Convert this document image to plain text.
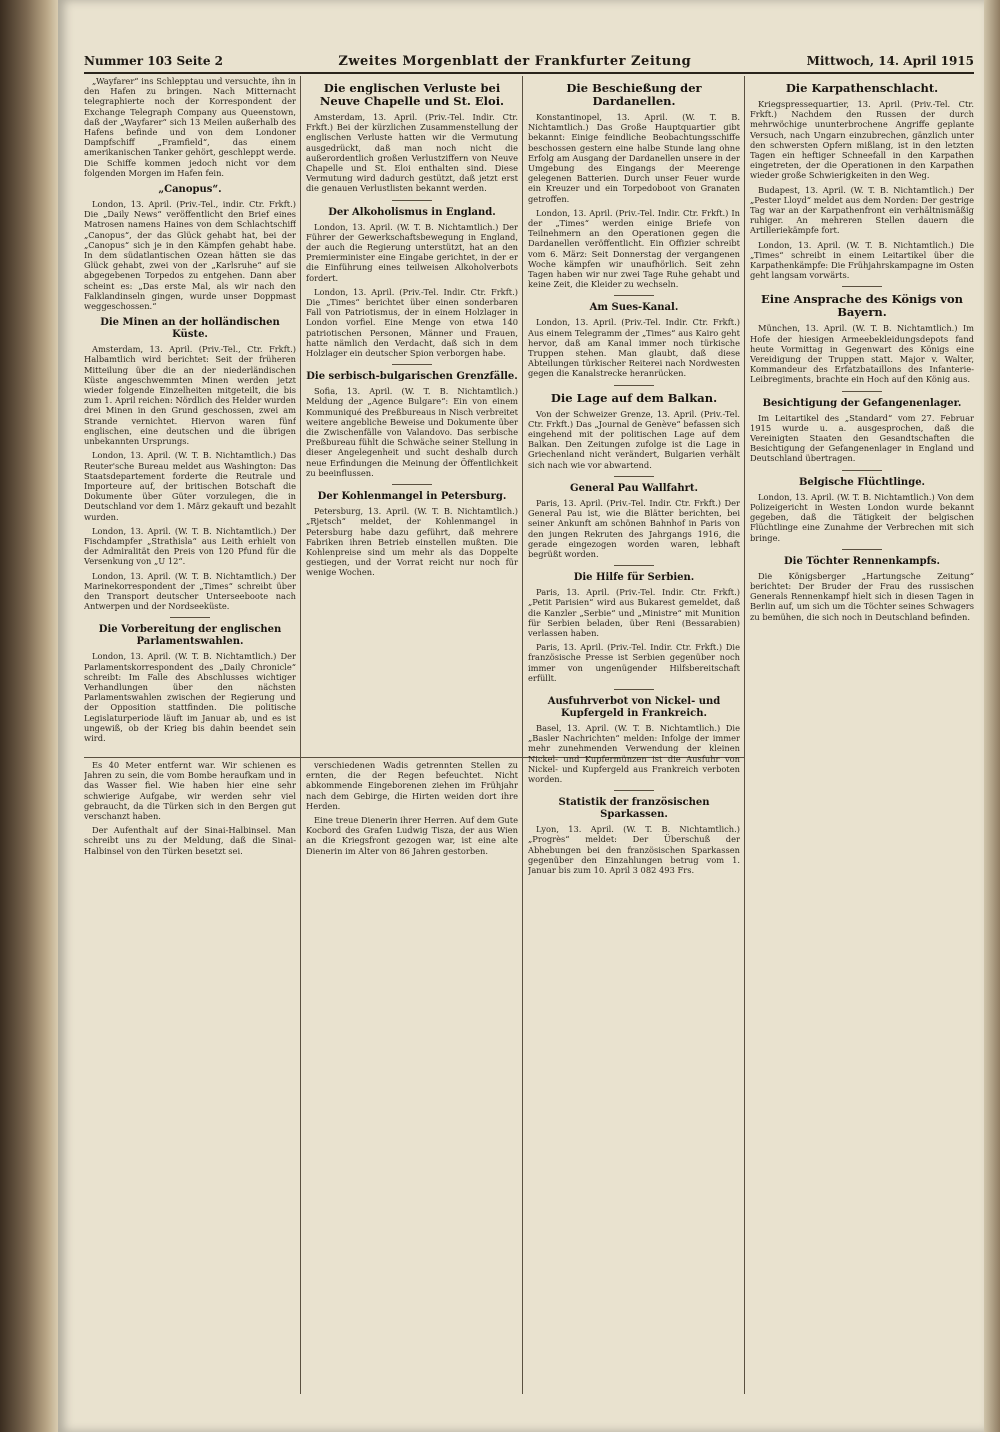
Nummer 103 Seite 2	Zweites Morgenblatt der Frankfurter Zeitung	Mittwoch, 14. April 1915

„Wayfarer“ ins Schlepptau und versuchte, ihn in den Hafen zu bringen. Nach Mitternacht telegraphierte noch der Korrespondent der Exchange Telegraph Company aus Queenstown, daß der „Wayfarer“ sich 13 Meilen außerhalb des Hafens befinde und von dem Londoner Dampfschiff „Framfield“, das einem amerikanischen Tanker gehört, geschleppt werde. Die Schiffe kommen jedoch nicht vor dem folgenden Morgen im Hafen fein.

„Canopus“.

London, 13. April. (Priv.-Tel., indir. Ctr. Frkft.) Die „Daily News“ veröffentlicht den Brief eines Matrosen namens Haines von dem Schlachtschiff „Canopus“, der das Glück gehabt hat, bei der „Canopus“ sich je in den Kämpfen gehabt habe. In dem südatlantischen Ozean hätten sie das Glück gehabt, zwei von der „Karlsruhe“ auf sie abgegebenen Torpedos zu entgehen. Dann aber scheint es: „Das erste Mal, als wir nach den Falklandinseln gingen, wurde unser Doppmast weggeschossen.“

Die Minen an der holländischen Küste.

Amsterdam, 13. April. (Priv.-Tel., Ctr. Frkft.) Halbamtlich wird berichtet: Seit der früheren Mitteilung über die an der niederländischen Küste angeschwemmten Minen werden jetzt wieder folgende Einzelheiten mitgeteilt, die bis zum 1. April reichen: Nördlich des Helder wurden drei Minen in den Grund geschossen, zwei am Strande vernichtet. Hiervon waren fünf englischen, eine deutschen und die übrigen unbekannten Ursprungs.

London, 13. April. (W. T. B. Nichtamtlich.) Das Reuter'sche Bureau meldet aus Washington: Das Staatsdepartement forderte die Reutrale und Importeure auf, der britischen Botschaft die Dokumente über Güter vorzulegen, die in Deutschland vor dem 1. März gekauft und bezahlt wurden.

London, 13. April. (W. T. B. Nichtamtlich.) Der Fischdampfer „Strathisla“ aus Leith erhielt von der Admiralität den Preis von 120 Pfund für die Versenkung von „U 12“.

London, 13. April. (W. T. B. Nichtamtlich.) Der Marinekorrespondent der „Times“ schreibt über den Transport deutscher Unterseeboote nach Antwerpen und der Nordseeküste.

Die Vorbereitung der englischen Parlamentswahlen.

London, 13. April. (W. T. B. Nichtamtlich.) Der Parlamentskorrespondent des „Daily Chronicle“ schreibt: Im Falle des Abschlusses wichtiger Verhandlungen über den nächsten Parlamentswahlen zwischen der Regierung und der Opposition stattfinden. Die politische Legislaturperiode läuft im Januar ab, und es ist ungewiß, ob der Krieg bis dahin beendet sein wird.

Die englischen Verluste bei Neuve Chapelle und St. Eloi.

Amsterdam, 13. April. (Priv.-Tel. Indir. Ctr. Frkft.) Bei der kürzlichen Zusammenstellung der englischen Verluste hatten wir die Vermutung ausgedrückt, daß man noch nicht die außerordentlich großen Verlustziffern von Neuve Chapelle und St. Eloi enthalten sind. Diese Vermutung wird dadurch gestützt, daß jetzt erst die genauen Verlustlisten bekannt werden.

Der Alkoholismus in England.

London, 13. April. (W. T. B. Nichtamtlich.) Der Führer der Gewerkschaftsbewegung in England, der auch die Regierung unterstützt, hat an den Premierminister eine Eingabe gerichtet, in der er die Einführung eines teilweisen Alkoholverbots fordert.

London, 13. April. (Priv.-Tel. Indir. Ctr. Frkft.) Die „Times“ berichtet über einen sonderbaren Fall von Patriotismus, der in einem Holzlager in London vorfiel. Eine Menge von etwa 140 patriotischen Personen, Männer und Frauen, hatte nämlich den Verdacht, daß sich in dem Holzlager ein deutscher Spion verborgen habe.

Die serbisch-bulgarischen Grenzfälle.

Sofia, 13. April. (W. T. B. Nichtamtlich.) Meldung der „Agence Bulgare“: Ein von einem Kommuniqué des Preßbureaus in Nisch verbreitet weitere angebliche Beweise und Dokumente über die Zwischenfälle von Valandovo. Das serbische Preßbureau fühlt die Schwäche seiner Stellung in dieser Angelegenheit und sucht deshalb durch neue Erfindungen die Meinung der Öffentlichkeit zu beeinflussen.

Der Kohlenmangel in Petersburg.

Petersburg, 13. April. (W. T. B. Nichtamtlich.) „Rjetsch“ meldet, der Kohlenmangel in Petersburg habe dazu geführt, daß mehrere Fabriken ihren Betrieb einstellen mußten. Die Kohlenpreise sind um mehr als das Doppelte gestiegen, und der Vorrat reicht nur noch für wenige Wochen.

Die Beschießung der Dardanellen.

Konstantinopel, 13. April. (W. T. B. Nichtamtlich.) Das Große Hauptquartier gibt bekannt: Einige feindliche Beobachtungsschiffe beschossen gestern eine halbe Stunde lang ohne Erfolg am Ausgang der Dardanellen unsere in der Umgebung des Eingangs der Meerenge gelegenen Batterien. Durch unser Feuer wurde ein Kreuzer und ein Torpedoboot von Granaten getroffen.

London, 13. April. (Priv.-Tel. Indir. Ctr. Frkft.) In der „Times“ werden einige Briefe von Teilnehmern an den Operationen gegen die Dardanellen veröffentlicht. Ein Offizier schreibt vom 6. März: Seit Donnerstag der vergangenen Woche kämpfen wir unaufhörlich. Seit zehn Tagen haben wir nur zwei Tage Ruhe gehabt und keine Zeit, die Kleider zu wechseln.

Am Sues-Kanal.

London, 13. April. (Priv.-Tel. Indir. Ctr. Frkft.) Aus einem Telegramm der „Times“ aus Kairo geht hervor, daß am Kanal immer noch türkische Truppen stehen. Man glaubt, daß diese Abteilungen türkischer Reiterei nach Nordwesten gegen die Kanalstrecke heranrücken.

Die Lage auf dem Balkan.

Von der Schweizer Grenze, 13. April. (Priv.-Tel. Ctr. Frkft.) Das „Journal de Genève“ befassen sich eingehend mit der politischen Lage auf dem Balkan. Den Zeitungen zufolge ist die Lage in Griechenland nicht verändert, Bulgarien verhält sich nach wie vor abwartend.

General Pau Wallfahrt.

Paris, 13. April. (Priv.-Tel. Indir. Ctr. Frkft.) Der General Pau ist, wie die Blätter berichten, bei seiner Ankunft am schönen Bahnhof in Paris von den jungen Rekruten des Jahrgangs 1916, die gerade eingezogen worden waren, lebhaft begrüßt worden.

Die Hilfe für Serbien.

Paris, 13. April. (Priv.-Tel. Indir. Ctr. Frkft.) „Petit Parisien“ wird aus Bukarest gemeldet, daß die Kanzler „Serbie“ und „Ministre“ mit Munition für Serbien beladen, über Reni (Bessarabien) verlassen haben.

Paris, 13. April. (Priv.-Tel. Indir. Ctr. Frkft.) Die französische Presse ist Serbien gegenüber noch immer von ungenügender Hilfsbereitschaft erfüllt.

Ausfuhrverbot von Nickel- und Kupfergeld in Frankreich.

Basel, 13. April. (W. T. B. Nichtamtlich.) Die „Basler Nachrichten“ melden: Infolge der immer mehr zunehmenden Verwendung der kleinen Nickel- und Kupfermünzen ist die Ausfuhr von Nickel- und Kupfergeld aus Frankreich verboten worden.

Statistik der französischen Sparkassen.

Lyon, 13. April. (W. T. B. Nichtamtlich.) „Progrès“ meldet: Der Überschuß der Abhebungen bei den französischen Sparkassen gegenüber den Einzahlungen betrug vom 1. Januar bis zum 10. April 3 082 493 Frs.

Die Karpathenschlacht.

Kriegspressequartier, 13. April. (Priv.-Tel. Ctr. Frkft.) Nachdem den Russen der durch mehrwöchige ununterbrochene Angriffe geplante Versuch, nach Ungarn einzubrechen, gänzlich unter den schwersten Opfern mißlang, ist in den letzten Tagen ein heftiger Schneefall in den Karpathen eingetreten, der die Operationen in den Karpathen wieder große Schwierigkeiten in den Weg.

Budapest, 13. April. (W. T. B. Nichtamtlich.) Der „Pester Lloyd“ meldet aus dem Norden: Der gestrige Tag war an der Karpathenfront ein verhältnismäßig ruhiger. An mehreren Stellen dauern die Artilleriekämpfe fort.

London, 13. April. (W. T. B. Nichtamtlich.) Die „Times“ schreibt in einem Leitartikel über die Karpathenkämpfe: Die Frühjahrskampagne im Osten geht langsam vorwärts.

Eine Ansprache des Königs von Bayern.

München, 13. April. (W. T. B. Nichtamtlich.) Im Hofe der hiesigen Armeebekleidungsdepots fand heute Vormittag in Gegenwart des Königs eine Vereidigung der Truppen statt. Major v. Walter, Kommandeur des Erfatzbataillons des Infanterie-Leibregiments, brachte ein Hoch auf den König aus.

Besichtigung der Gefangenenlager.

Im Leitartikel des „Standard“ vom 27. Februar 1915 wurde u. a. ausgesprochen, daß die Vereinigten Staaten den Gesandtschaften die Besichtigung der Gefangenenlager in England und Deutschland übertragen.

Belgische Flüchtlinge.

London, 13. April. (W. T. B. Nichtamtlich.) Von dem Polizeigericht in Westen London wurde bekannt gegeben, daß die Tätigkeit der belgischen Flüchtlinge eine Zunahme der Verbrechen mit sich bringe.

Die Töchter Rennenkampfs.

Die Königsberger „Hartungsche Zeitung“ berichtet: Der Bruder der Frau des russischen Generals Rennenkampf hielt sich in diesen Tagen in Berlin auf, um sich um die Töchter seines Schwagers zu bemühen, die sich noch in Deutschland befinden.

Es 40 Meter entfernt war. Wir schienen es Jahren zu sein, die vom Bombe heraufkam und in das Wasser fiel. Wie haben hier eine sehr schwierige Aufgabe, wir werden sehr viel gebraucht, da die Türken sich in den Bergen gut verschanzt haben.

Der Aufenthalt auf der Sinai-Halbinsel. Man schreibt uns zu der Meldung, daß die Sinai-Halbinsel von den Türken besetzt sei.

verschiedenen Wadis getrennten Stellen zu ernten, die der Regen befeuchtet. Nicht abkommende Eingeborenen ziehen im Frühjahr nach dem Gebirge, die Hirten weiden dort ihre Herden.

Eine treue Dienerin ihrer Herren. Auf dem Gute Kocbord des Grafen Ludwig Tisza, der aus Wien an die Kriegsfront gezogen war, ist eine alte Dienerin im Alter von 86 Jahren gestorben.
